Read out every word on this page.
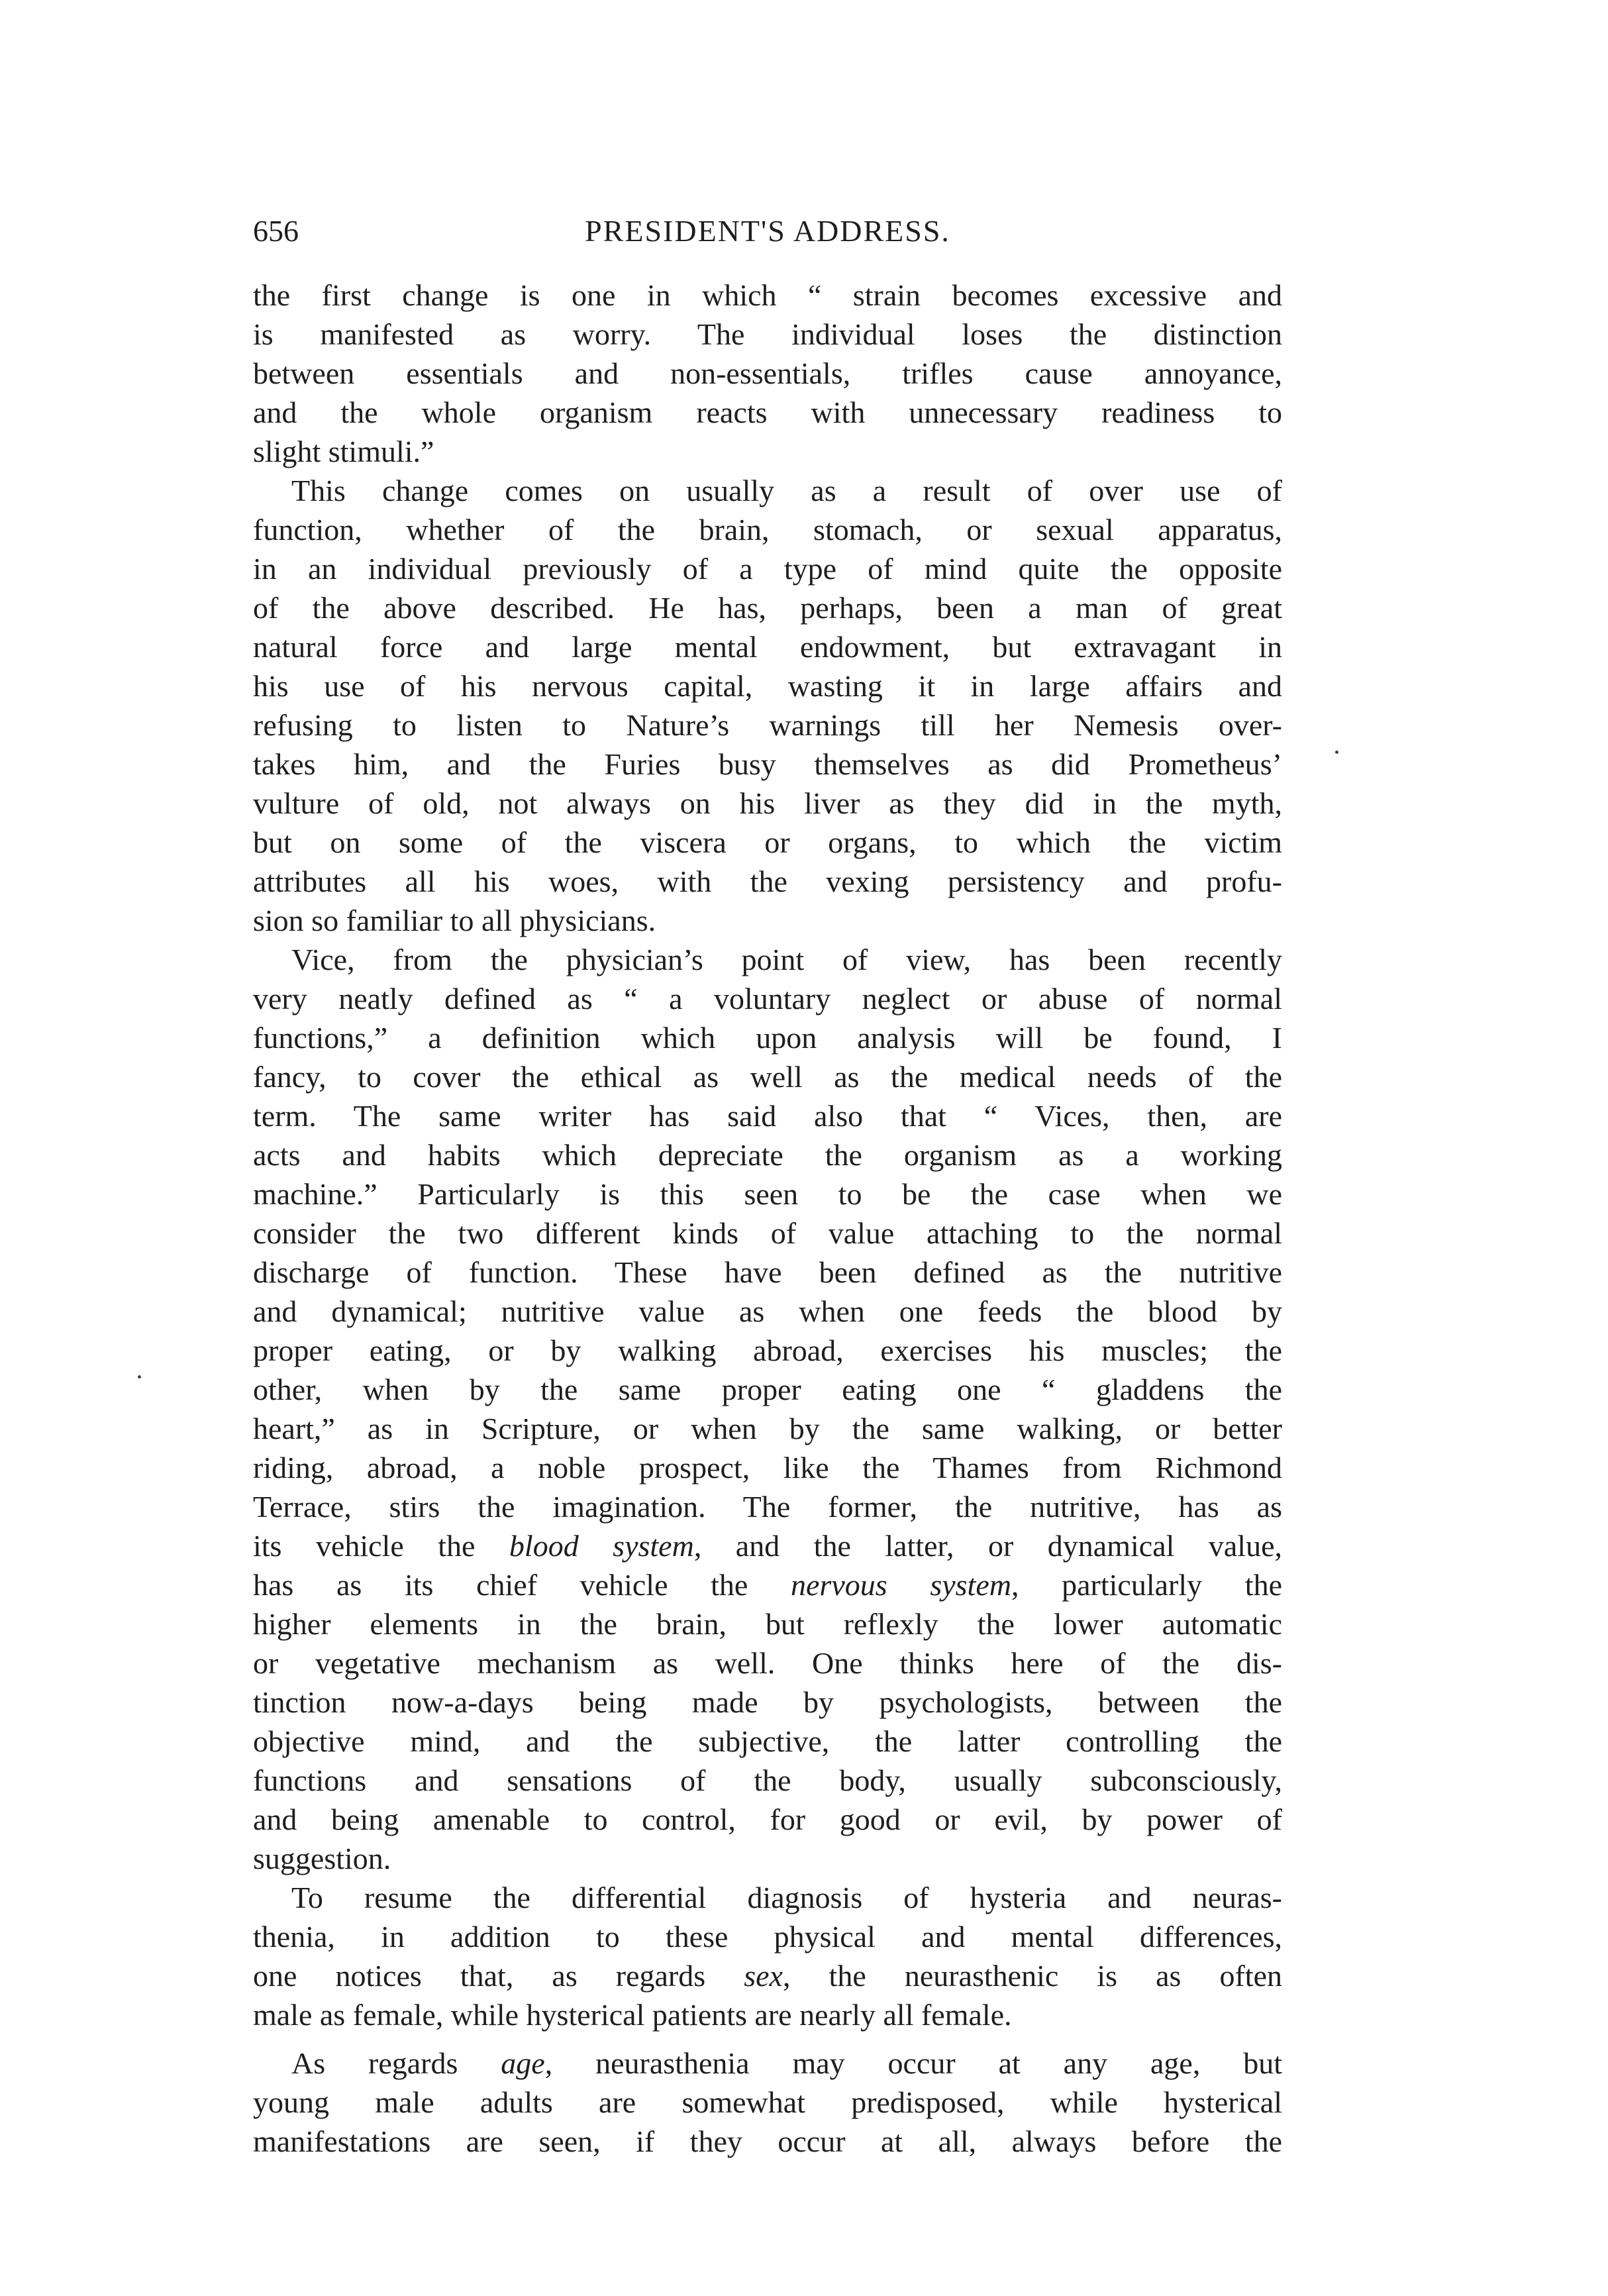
656	PRESIDENT'S ADDRESS.
the first change is one in which “ strain becomes excessive and
is manifested as worry. The individual loses the distinction
between essentials and non-essentials, trifles cause annoyance,
and the whole organism reacts with unnecessary readiness to
slight stimuli.”
This change comes on usually as a result of over use of
function, whether of the brain, stomach, or sexual apparatus,
in an individual previously of a type of mind quite the opposite
of the above described. He has, perhaps, been a man of great
natural force and large mental endowment, but extravagant in
his use of his nervous capital, wasting it in large affairs and
refusing to listen to Nature’s warnings till her Nemesis over-
takes him, and the Furies busy themselves as did Prometheus’
vulture of old, not always on his liver as they did in the myth,
but on some of the viscera or organs, to which the victim
attributes all his woes, with the vexing persistency and profu-
sion so familiar to all physicians.
Vice, from the physician’s point of view, has been recently
very neatly defined as “ a voluntary neglect or abuse of normal
functions,” a definition which upon analysis will be found, I
fancy, to cover the ethical as well as the medical needs of the
term. The same writer has said also that “ Vices, then, are
acts and habits which depreciate the organism as a working
machine.” Particularly is this seen to be the case when we
consider the two different kinds of value attaching to the normal
discharge of function. These have been defined as the nutritive
and dynamical; nutritive value as when one feeds the blood by
proper eating, or by walking abroad, exercises his muscles; the
other, when by the same proper eating one “ gladdens the
heart,” as in Scripture, or when by the same walking, or better
riding, abroad, a noble prospect, like the Thames from Richmond
Terrace, stirs the imagination. The former, the nutritive, has as
its vehicle the blood system, and the latter, or dynamical value,
has as its chief vehicle the nervous system, particularly the
higher elements in the brain, but reflexly the lower automatic
or vegetative mechanism as well. One thinks here of the dis-
tinction now-a-days being made by psychologists, between the
objective mind, and the subjective, the latter controlling the
functions and sensations of the body, usually subconsciously,
and being amenable to control, for good or evil, by power of
suggestion.
To resume the differential diagnosis of hysteria and neuras-
thenia, in addition to these physical and mental differences,
one notices that, as regards sex, the neurasthenic is as often
male as female, while hysterical patients are nearly all female.
As regards age, neurasthenia may occur at any age, but
young male adults are somewhat predisposed, while hysterical
manifestations are seen, if they occur at all, always before the
